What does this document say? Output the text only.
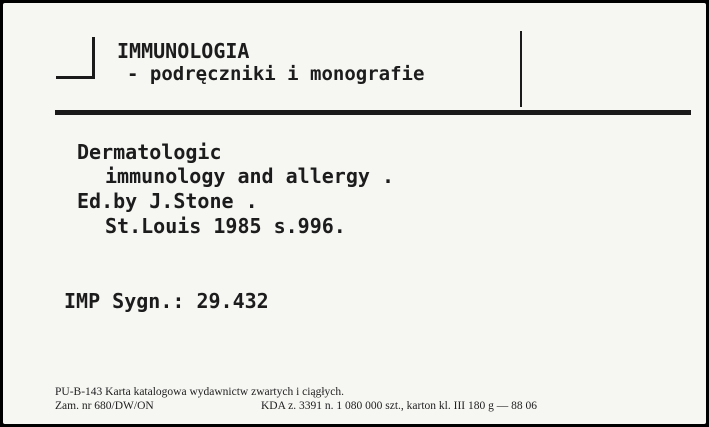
IMMUNOLOGIA

- podręczniki i monografie

Dermatologic

immunology and allergy .

Ed.by J.Stone .

St.Louis 1985 s.996.

IMP Sygn.: 29.432

PU-B-143 Karta katalogowa wydawnictw zwartych i ciągłych.

Zam. nr 680/DW/ON	KDA z. 3391 n. 1 080 000 szt., karton kl. III 180 g — 88 06
